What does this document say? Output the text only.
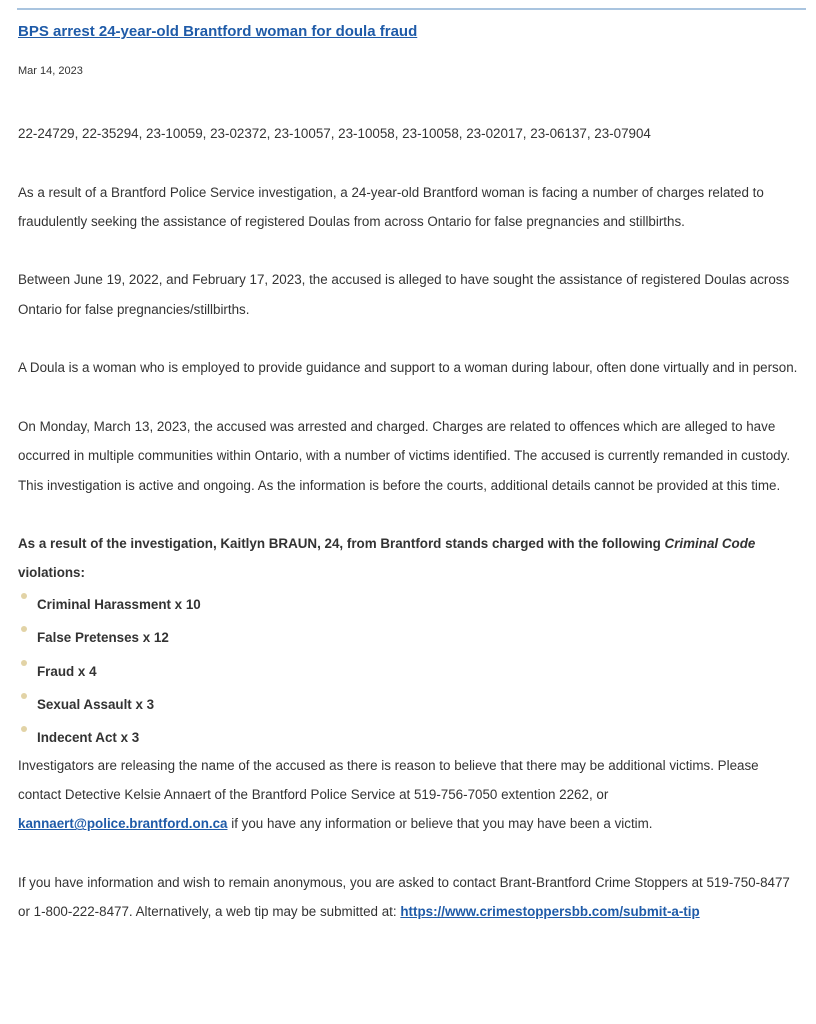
BPS arrest 24-year-old Brantford woman for doula fraud
Mar 14, 2023

22-24729, 22-35294, 23-10059, 23-02372, 23-10057, 23-10058, 23-10058, 23-02017, 23-06137, 23-07904

As a result of a Brantford Police Service investigation, a 24-year-old Brantford woman is facing a number of charges related to fraudulently seeking the assistance of registered Doulas from across Ontario for false pregnancies and stillbirths.

Between June 19, 2022, and February 17, 2023, the accused is alleged to have sought the assistance of registered Doulas across Ontario for false pregnancies/stillbirths.

A Doula is a woman who is employed to provide guidance and support to a woman during labour, often done virtually and in person.

On Monday, March 13, 2023, the accused was arrested and charged. Charges are related to offences which are alleged to have occurred in multiple communities within Ontario, with a number of victims identified. The accused is currently remanded in custody. This investigation is active and ongoing. As the information is before the courts, additional details cannot be provided at this time.

As a result of the investigation, Kaitlyn BRAUN, 24, from Brantford stands charged with the following Criminal Code violations:

Criminal Harassment x 10
False Pretenses x 12
Fraud x 4
Sexual Assault x 3
Indecent Act x 3

Investigators are releasing the name of the accused as there is reason to believe that there may be additional victims. Please contact Detective Kelsie Annaert of the Brantford Police Service at 519-756-7050 extention 2262, or kannaert@police.brantford.on.ca if you have any information or believe that you may have been a victim.

If you have information and wish to remain anonymous, you are asked to contact Brant-Brantford Crime Stoppers at 519-750-8477 or 1-800-222-8477. Alternatively, a web tip may be submitted at: https://www.crimestoppersbb.com/submit-a-tip
